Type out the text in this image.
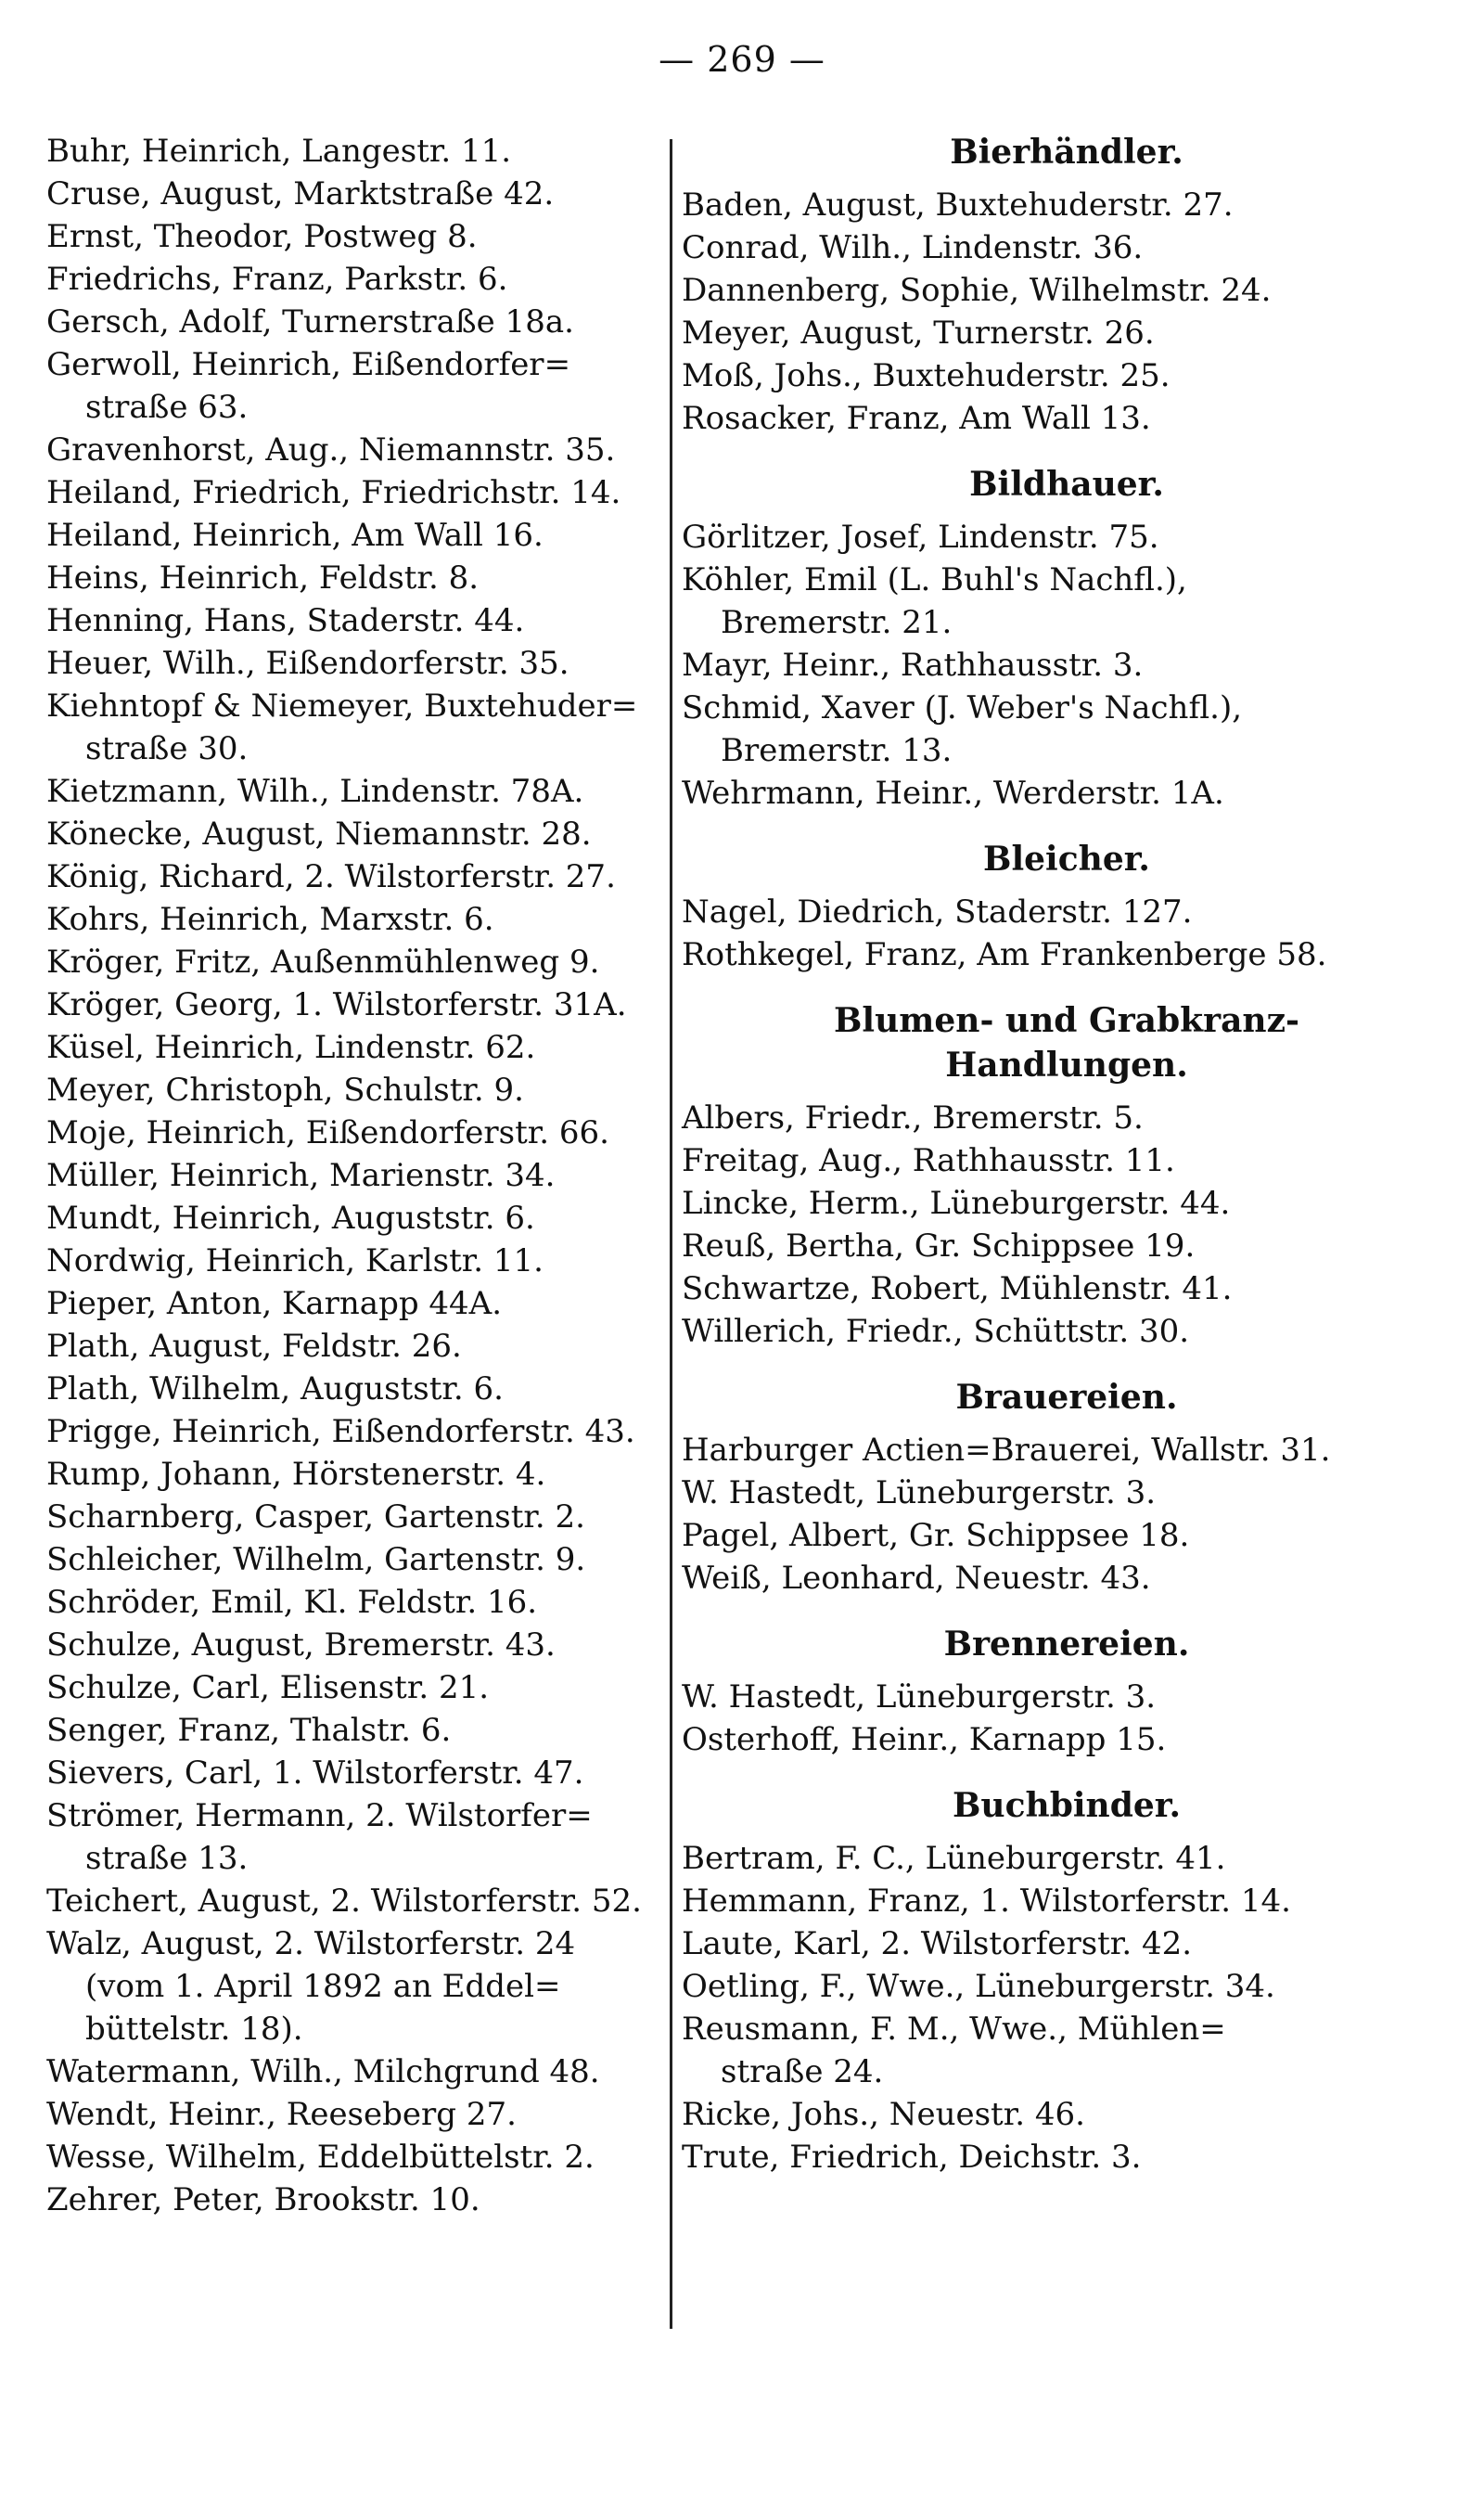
— 269 —
Buhr, Heinrich, Langestr. 11.
Cruse, August, Marktstraße 42.
Ernst, Theodor, Postweg 8.
Friedrichs, Franz, Parkstr. 6.
Gersch, Adolf, Turnerstraße 18a.
Gerwoll, Heinrich, Eißendorfer=
straße 63.
Gravenhorst, Aug., Niemannstr. 35.
Heiland, Friedrich, Friedrichstr. 14.
Heiland, Heinrich, Am Wall 16.
Heins, Heinrich, Feldstr. 8.
Henning, Hans, Staderstr. 44.
Heuer, Wilh., Eißendorferstr. 35.
Kiehntopf & Niemeyer, Buxtehuder=
straße 30.
Kietzmann, Wilh., Lindenstr. 78A.
Könecke, August, Niemannstr. 28.
König, Richard, 2. Wilstorferstr. 27.
Kohrs, Heinrich, Marxstr. 6.
Kröger, Fritz, Außenmühlenweg 9.
Kröger, Georg, 1. Wilstorferstr. 31A.
Küsel, Heinrich, Lindenstr. 62.
Meyer, Christoph, Schulstr. 9.
Moje, Heinrich, Eißendorferstr. 66.
Müller, Heinrich, Marienstr. 34.
Mundt, Heinrich, Auguststr. 6.
Nordwig, Heinrich, Karlstr. 11.
Pieper, Anton, Karnapp 44A.
Plath, August, Feldstr. 26.
Plath, Wilhelm, Auguststr. 6.
Prigge, Heinrich, Eißendorferstr. 43.
Rump, Johann, Hörstenerstr. 4.
Scharnberg, Casper, Gartenstr. 2.
Schleicher, Wilhelm, Gartenstr. 9.
Schröder, Emil, Kl. Feldstr. 16.
Schulze, August, Bremerstr. 43.
Schulze, Carl, Elisenstr. 21.
Senger, Franz, Thalstr. 6.
Sievers, Carl, 1. Wilstorferstr. 47.
Strömer, Hermann, 2. Wilstorfer=
straße 13.
Teichert, August, 2. Wilstorferstr. 52.
Walz, August, 2. Wilstorferstr. 24
(vom 1. April 1892 an Eddel=
büttelstr. 18).
Watermann, Wilh., Milchgrund 48.
Wendt, Heinr., Reeseberg 27.
Wesse, Wilhelm, Eddelbüttelstr. 2.
Zehrer, Peter, Brookstr. 10.
Bierhändler.
Baden, August, Buxtehuderstr. 27.
Conrad, Wilh., Lindenstr. 36.
Dannenberg, Sophie, Wilhelmstr. 24.
Meyer, August, Turnerstr. 26.
Moß, Johs., Buxtehuderstr. 25.
Rosacker, Franz, Am Wall 13.
Bildhauer.
Görlitzer, Josef, Lindenstr. 75.
Köhler, Emil (L. Buhl's Nachfl.),
Bremerstr. 21.
Mayr, Heinr., Rathhausstr. 3.
Schmid, Xaver (J. Weber's Nachfl.),
Bremerstr. 13.
Wehrmann, Heinr., Werderstr. 1A.
Bleicher.
Nagel, Diedrich, Staderstr. 127.
Rothkegel, Franz, Am Frankenberge 58.
Blumen- und Grabkranz-
Handlungen.
Albers, Friedr., Bremerstr. 5.
Freitag, Aug., Rathhausstr. 11.
Lincke, Herm., Lüneburgerstr. 44.
Reuß, Bertha, Gr. Schippsee 19.
Schwartze, Robert, Mühlenstr. 41.
Willerich, Friedr., Schüttstr. 30.
Brauereien.
Harburger Actien=Brauerei, Wallstr. 31.
W. Hastedt, Lüneburgerstr. 3.
Pagel, Albert, Gr. Schippsee 18.
Weiß, Leonhard, Neuestr. 43.
Brennereien.
W. Hastedt, Lüneburgerstr. 3.
Osterhoff, Heinr., Karnapp 15.
Buchbinder.
Bertram, F. C., Lüneburgerstr. 41.
Hemmann, Franz, 1. Wilstorferstr. 14.
Laute, Karl, 2. Wilstorferstr. 42.
Oetling, F., Wwe., Lüneburgerstr. 34.
Reusmann, F. M., Wwe., Mühlen=
straße 24.
Ricke, Johs., Neuestr. 46.
Trute, Friedrich, Deichstr. 3.
